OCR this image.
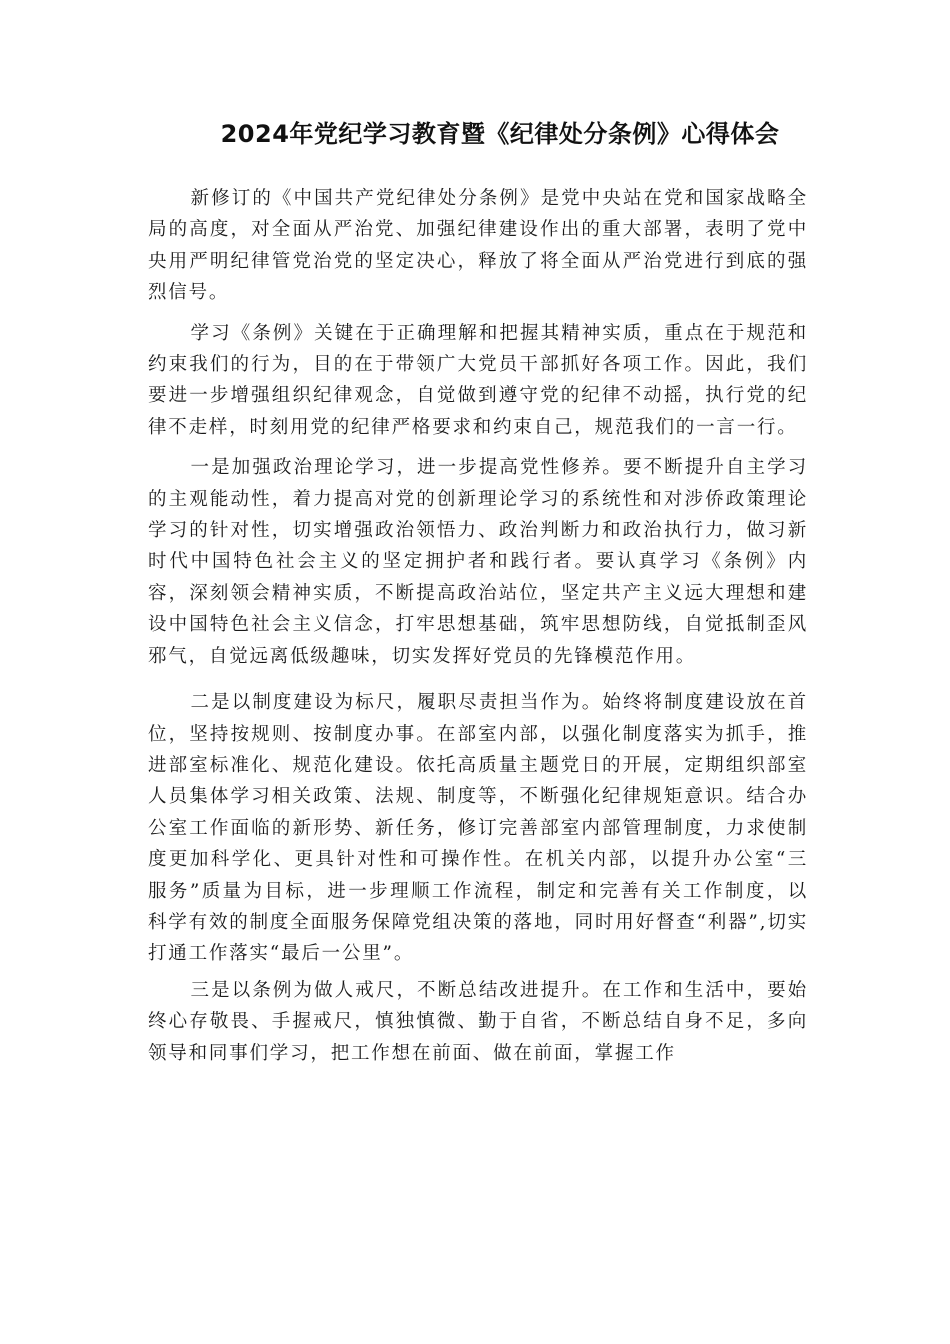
2024年党纪学习教育暨《纪律处分条例》心得体会

新修订的《中国共产党纪律处分条例》是党中央站在党和国家战略全局的高度，对全面从严治党、加强纪律建设作出的重大部署，表明了党中央用严明纪律管党治党的坚定决心，释放了将全面从严治党进行到底的强烈信号。

学习《条例》关键在于正确理解和把握其精神实质，重点在于规范和约束我们的行为，目的在于带领广大党员干部抓好各项工作。因此，我们要进一步增强组织纪律观念，自觉做到遵守党的纪律不动摇，执行党的纪律不走样，时刻用党的纪律严格要求和约束自己，规范我们的一言一行。

一是加强政治理论学习，进一步提高党性修养。要不断提升自主学习的主观能动性，着力提高对党的创新理论学习的系统性和对涉侨政策理论学习的针对性，切实增强政治领悟力、政治判断力和政治执行力，做习新时代中国特色社会主义的坚定拥护者和践行者。要认真学习《条例》内容，深刻领会精神实质，不断提高政治站位，坚定共产主义远大理想和建设中国特色社会主义信念，打牢思想基础，筑牢思想防线，自觉抵制歪风邪气，自觉远离低级趣味，切实发挥好党员的先锋模范作用。

二是以制度建设为标尺，履职尽责担当作为。始终将制度建设放在首位，坚持按规则、按制度办事。在部室内部，以强化制度落实为抓手，推进部室标准化、规范化建设。依托高质量主题党日的开展，定期组织部室人员集体学习相关政策、法规、制度等，不断强化纪律规矩意识。结合办公室工作面临的新形势、新任务，修订完善部室内部管理制度，力求使制度更加科学化、更具针对性和可操作性。在机关内部，以提升办公室“三服务”质量为目标，进一步理顺工作流程，制定和完善有关工作制度，以科学有效的制度全面服务保障党组决策的落地，同时用好督查“利器”,切实打通工作落实“最后一公里”。

三是以条例为做人戒尺，不断总结改进提升。在工作和生活中，要始终心存敬畏、手握戒尺，慎独慎微、勤于自省，不断总结自身不足，多向领导和同事们学习，把工作想在前面、做在前面，掌握工作
